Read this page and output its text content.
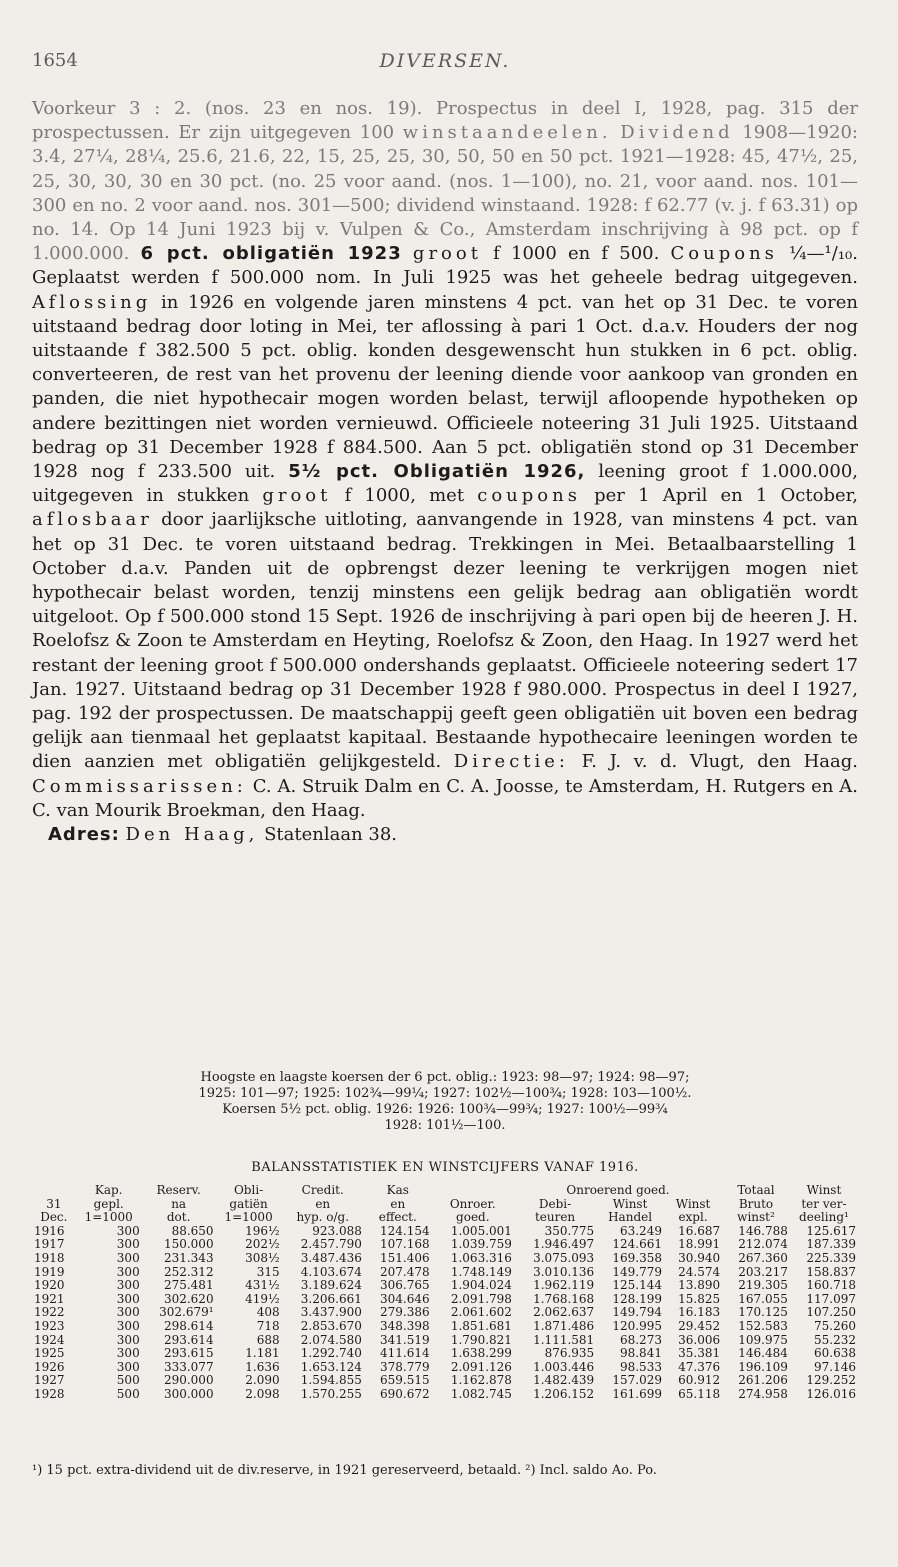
1654	DIVERSEN.

Voorkeur 3 : 2. (nos. 23 en nos. 19). Prospectus in deel I, 1928, pag. 315 der prospectussen. Er zijn uitgegeven 100 winstaandeelen. Dividend 1908—1920: 3.4, 27¼, 28¼, 25.6, 21.6, 22, 15, 25, 25, 30, 50, 50 en 50 pct. 1921—1928: 45, 47½, 25, 25, 30, 30, 30 en 30 pct. (no. 25 voor aand. (nos. 1—100), no. 21, voor aand. nos. 101—300 en no. 2 voor aand. nos. 301—500; dividend winstaand. 1928: f 62.77 (v. j. f 63.31) op no. 14. Op 14 Juni 1923 bij v. Vulpen & Co., Amsterdam inschrijving à 98 pct. op f 1.000.000. 6 pct. obligatiën 1923 groot f 1000 en f 500. Coupons ¼—¹/₁₀. Geplaatst werden f 500.000 nom. In Juli 1925 was het geheele bedrag uitgegeven. Aflossing in 1926 en volgende jaren minstens 4 pct. van het op 31 Dec. te voren uitstaand bedrag door loting in Mei, ter aflossing à pari 1 Oct. d.a.v. Houders der nog uitstaande f 382.500 5 pct. oblig. konden desgewenscht hun stukken in 6 pct. oblig. converteeren, de rest van het provenu der leening diende voor aankoop van gronden en panden, die niet hypothecair mogen worden belast, terwijl afloopende hypotheken op andere bezittingen niet worden vernieuwd. Officieele noteering 31 Juli 1925. Uitstaand bedrag op 31 December 1928 f 884.500. Aan 5 pct. obligatiën stond op 31 December 1928 nog f 233.500 uit. 5½ pct. Obligatiën 1926, leening groot f 1.000.000, uitgegeven in stukken groot f 1000, met coupons per 1 April en 1 October, aflosbaar door jaarlijksche uitloting, aanvangende in 1928, van minstens 4 pct. van het op 31 Dec. te voren uitstaand bedrag. Trekkingen in Mei. Betaalbaarstelling 1 October d.a.v. Panden uit de opbrengst dezer leening te verkrijgen mogen niet hypothecair belast worden, tenzij minstens een gelijk bedrag aan obligatiën wordt uitgeloot. Op f 500.000 stond 15 Sept. 1926 de inschrijving à pari open bij de heeren J. H. Roelofsz & Zoon te Amsterdam en Heyting, Roelofsz & Zoon, den Haag. In 1927 werd het restant der leening groot f 500.000 ondershands geplaatst. Officieele noteering sedert 17 Jan. 1927. Uitstaand bedrag op 31 December 1928 f 980.000. Prospectus in deel I 1927, pag. 192 der prospectussen. De maatschappij geeft geen obligatiën uit boven een bedrag gelijk aan tienmaal het geplaatst kapitaal. Bestaande hypothecaire leeningen worden te dien aanzien met obligatiën gelijkgesteld. Directie: F. J. v. d. Vlugt, den Haag. Commissarissen: C. A. Struik Dalm en C. A. Joosse, te Amsterdam, H. Rutgers en A. C. van Mourik Broekman, den Haag.

Adres: Den Haag, Statenlaan 38.

Hoogste en laagste koersen der 6 pct. oblig.: 1923: 98—97; 1924: 98—97;
1925: 101—97; 1925: 102¾—99¼; 1927: 102½—100¾; 1928: 103—100½.
Koersen 5½ pct. oblig. 1926: 1926: 100¾—99¾; 1927: 100½—99¾
1928: 101½—100.
BALANSSTATISTIEK EN WINSTCIJFERS VANAF 1916.
	Kap.	Reserv.	Obli-	Credit.	Kas		Onroerend goed.			Totaal	Winst
31	gepl.	na	gatiën	en	en	Onroer.	Debi-	Winst	Winst	Bruto	ter ver-
Dec.	1=1000	dot.	1=1000	hyp. o/g.	effect.	goed.	teuren	Handel	expl.	winst²	deeling¹
1916	300	88.650	196½	923.088	124.154	1.005.001	350.775	63.249	16.687	146.788	125.617
1917	300	150.000	202½	2.457.790	107.168	1.039.759	1.946.497	124.661	18.991	212.074	187.339
1918	300	231.343	308½	3.487.436	151.406	1.063.316	3.075.093	169.358	30.940	267.360	225.339
1919	300	252.312	315	4.103.674	207.478	1.748.149	3.010.136	149.779	24.574	203.217	158.837
1920	300	275.481	431½	3.189.624	306.765	1.904.024	1.962.119	125.144	13.890	219.305	160.718
1921	300	302.620	419½	3.206.661	304.646	2.091.798	1.768.168	128.199	15.825	167.055	117.097
1922	300	302.679¹	408	3.437.900	279.386	2.061.602	2.062.637	149.794	16.183	170.125	107.250
1923	300	298.614	718	2.853.670	348.398	1.851.681	1.871.486	120.995	29.452	152.583	75.260
1924	300	293.614	688	2.074.580	341.519	1.790.821	1.111.581	68.273	36.006	109.975	55.232
1925	300	293.615	1.181	1.292.740	411.614	1.638.299	876.935	98.841	35.381	146.484	60.638
1926	300	333.077	1.636	1.653.124	378.779	2.091.126	1.003.446	98.533	47.376	196.109	97.146
1927	500	290.000	2.090	1.594.855	659.515	1.162.878	1.482.439	157.029	60.912	261.206	129.252
1928	500	300.000	2.098	1.570.255	690.672	1.082.745	1.206.152	161.699	65.118	274.958	126.016
¹) 15 pct. extra-dividend uit de div.reserve, in 1921 gereserveerd, betaald. ²) Incl. saldo Ao. Po.
